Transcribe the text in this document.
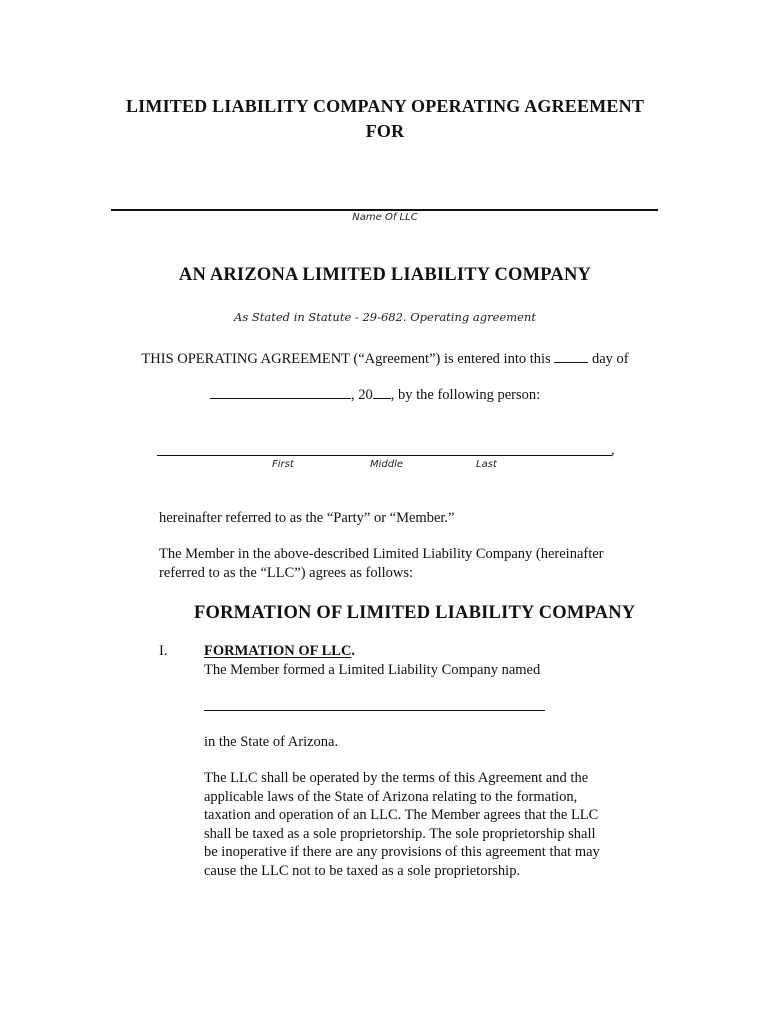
LIMITED LIABILITY COMPANY OPERATING AGREEMENT
FOR
Name Of LLC
AN ARIZONA LIMITED LIABILITY COMPANY
As Stated in Statute - 29-682. Operating agreement
THIS OPERATING AGREEMENT (“Agreement”) is entered into this	day of
, 20 , by the following person:
,
First	Middle	Last
hereinafter referred to as the “Party” or “Member.”
The Member in the above-described Limited Liability Company (hereinafter
referred to as the “LLC”) agrees as follows:
FORMATION OF LIMITED LIABILITY COMPANY
I.	FORMATION OF LLC.
The Member formed a Limited Liability Company named
in the State of Arizona.
The LLC shall be operated by the terms of this Agreement and the
applicable laws of the State of Arizona relating to the formation,
taxation and operation of an LLC. The Member agrees that the LLC
shall be taxed as a sole proprietorship. The sole proprietorship shall
be inoperative if there are any provisions of this agreement that may
cause the LLC not to be taxed as a sole proprietorship.
